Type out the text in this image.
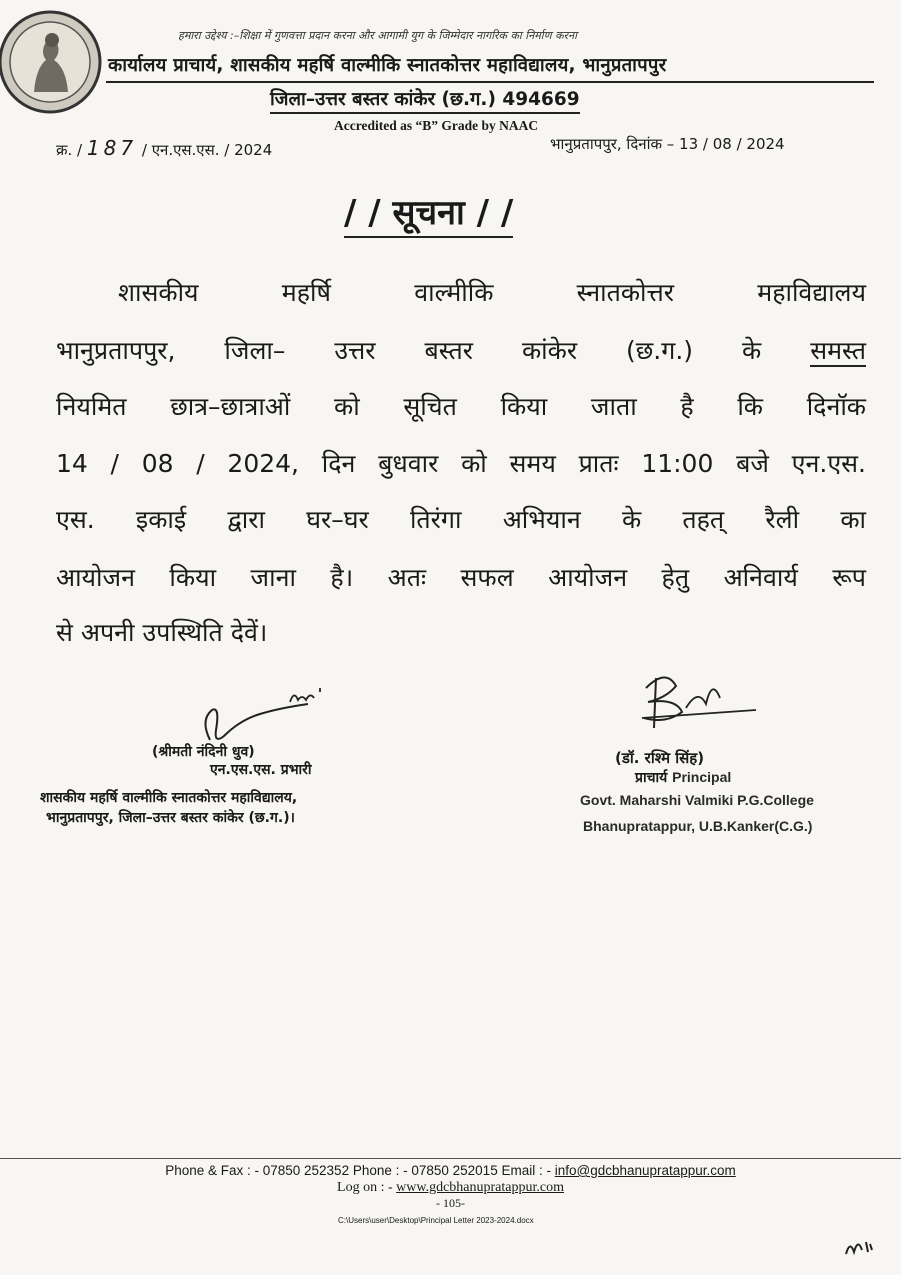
हमारा उद्देश्य :–शिक्षा में गुणवत्ता प्रदान करना और आगामी युग के जिम्मेदार नागरिक का निर्माण करना
कार्यालय प्राचार्य, शासकीय महर्षि वाल्मीकि स्नातकोत्तर महाविद्यालय, भानुप्रतापपुर
जिला–उत्तर बस्तर कांकेर (छ.ग.) 494669
Accredited as “B” Grade by NAAC
क्र. / 187 / एन.एस.एस. / 2024	भानुप्रतापपुर, दिनांक – 13 / 08 / 2024
/ / सूचना / /
शासकीय महर्षि वाल्मीकि स्नातकोत्तर महाविद्यालय
भानुप्रतापपुर, जिला– उत्तर बस्तर कांकेर (छ.ग.) के समस्त
नियमित छात्र–छात्राओं को सूचित किया जाता है कि दिनॉक
14 / 08 / 2024, दिन बुधवार को समय प्रातः 11:00 बजे एन.एस.
एस. इकाई द्वारा घर–घर तिरंगा अभियान के तहत् रैली का
आयोजन किया जाना है। अतः सफल आयोजन हेतु अनिवार्य रूप
से अपनी उपस्थिति देवें।
(श्रीमती नंदिनी धुव)
एन.एस.एस. प्रभारी
शासकीय महर्षि वाल्मीकि स्नातकोत्तर महाविद्यालय,
भानुप्रतापपुर, जिला–उत्तर बस्तर कांकेर (छ.ग.)।
(डॉ. रश्मि सिंह)
प्राचार्य Principal
Govt. Maharshi Valmiki P.G.College
Bhanupratappur, U.B.Kanker(C.G.)
Phone & Fax : - 07850 252352 Phone : - 07850 252015 Email : - info@gdcbhanupratappur.com
Log on : - www.gdcbhanupratappur.com
- 105-
C:\Users\user\Desktop\Principal Letter 2023-2024.docx
